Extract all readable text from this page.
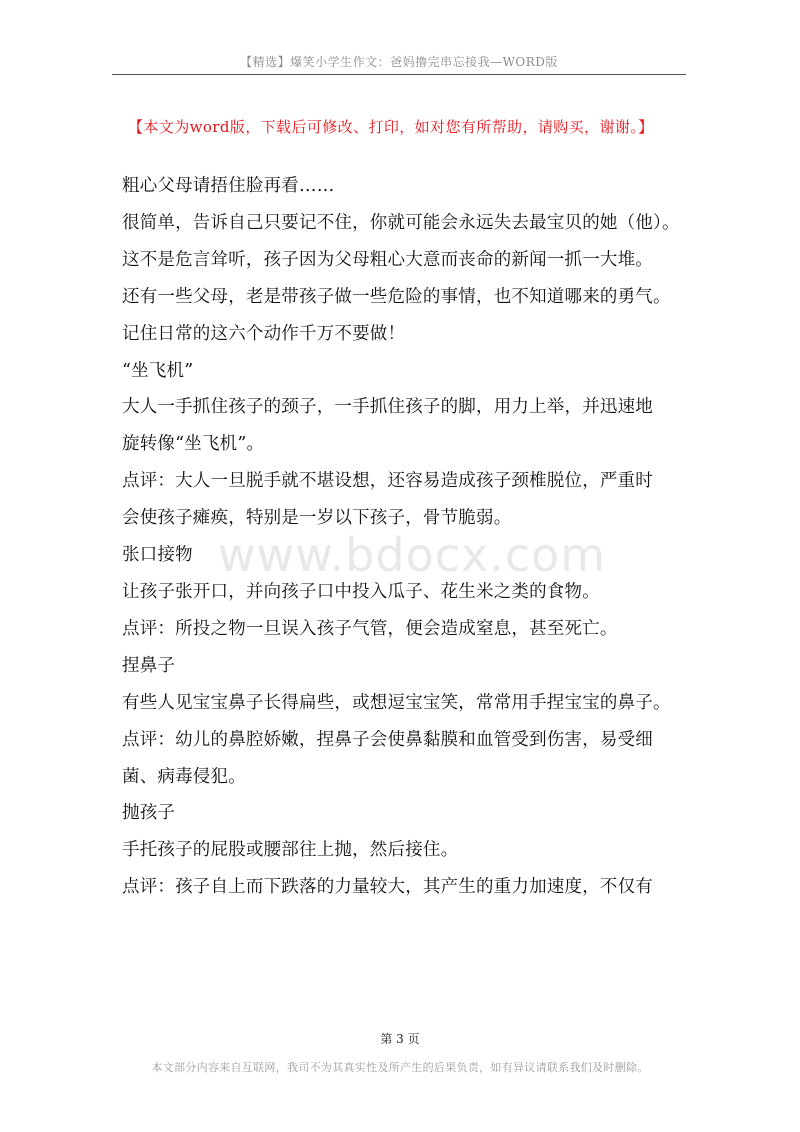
【精选】爆笑小学生作文：爸妈撸完串忘接我—WORD版
【本文为word版，下载后可修改、打印，如对您有所帮助，请购买，谢谢。】
粗心父母请捂住脸再看……
很简单，告诉自己只要记不住，你就可能会永远失去最宝贝的她（他）。
这不是危言耸听，孩子因为父母粗心大意而丧命的新闻一抓一大堆。
还有一些父母，老是带孩子做一些危险的事情，也不知道哪来的勇气。
记住日常的这六个动作千万不要做！
“坐飞机”
大人一手抓住孩子的颈子，一手抓住孩子的脚，用力上举，并迅速地
旋转像“坐飞机”。
点评：大人一旦脱手就不堪设想，还容易造成孩子颈椎脱位，严重时
会使孩子瘫痪，特别是一岁以下孩子，骨节脆弱。
张口接物
让孩子张开口，并向孩子口中投入瓜子、花生米之类的食物。
点评：所投之物一旦误入孩子气管，便会造成窒息，甚至死亡。
捏鼻子
有些人见宝宝鼻子长得扁些，或想逗宝宝笑，常常用手捏宝宝的鼻子。
点评：幼儿的鼻腔娇嫩，捏鼻子会使鼻黏膜和血管受到伤害，易受细
菌、病毒侵犯。
抛孩子
手托孩子的屁股或腰部往上抛，然后接住。
点评：孩子自上而下跌落的力量较大，其产生的重力加速度，不仅有
www.bdocx.com
第 3 页
本文部分内容来自互联网，我司不为其真实性及所产生的后果负责，如有异议请联系我们及时删除。
